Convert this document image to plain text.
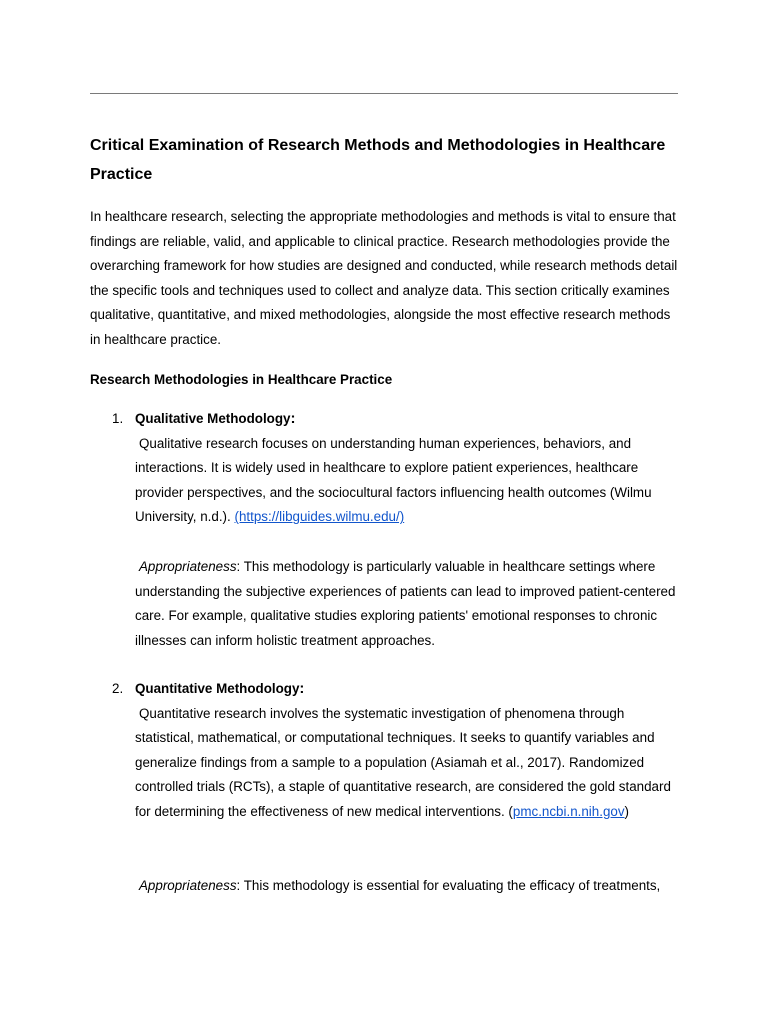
Critical Examination of Research Methods and Methodologies in Healthcare Practice

In healthcare research, selecting the appropriate methodologies and methods is vital to ensure that findings are reliable, valid, and applicable to clinical practice. Research methodologies provide the overarching framework for how studies are designed and conducted, while research methods detail the specific tools and techniques used to collect and analyze data. This section critically examines qualitative, quantitative, and mixed methodologies, alongside the most effective research methods in healthcare practice.

Research Methodologies in Healthcare Practice
1. Qualitative Methodology:

Qualitative research focuses on understanding human experiences, behaviors, and interactions. It is widely used in healthcare to explore patient experiences, healthcare provider perspectives, and the sociocultural factors influencing health outcomes (Wilmu University, n.d.). (https://libguides.wilmu.edu/)

Appropriateness: This methodology is particularly valuable in healthcare settings where understanding the subjective experiences of patients can lead to improved patient-centered care. For example, qualitative studies exploring patients' emotional responses to chronic illnesses can inform holistic treatment approaches.

2. Quantitative Methodology:

Quantitative research involves the systematic investigation of phenomena through statistical, mathematical, or computational techniques. It seeks to quantify variables and generalize findings from a sample to a population (Asiamah et al., 2017). Randomized controlled trials (RCTs), a staple of quantitative research, are considered the gold standard for determining the effectiveness of new medical interventions. (pmc.ncbi.n.nih.gov)

Appropriateness: This methodology is essential for evaluating the efficacy of treatments,
